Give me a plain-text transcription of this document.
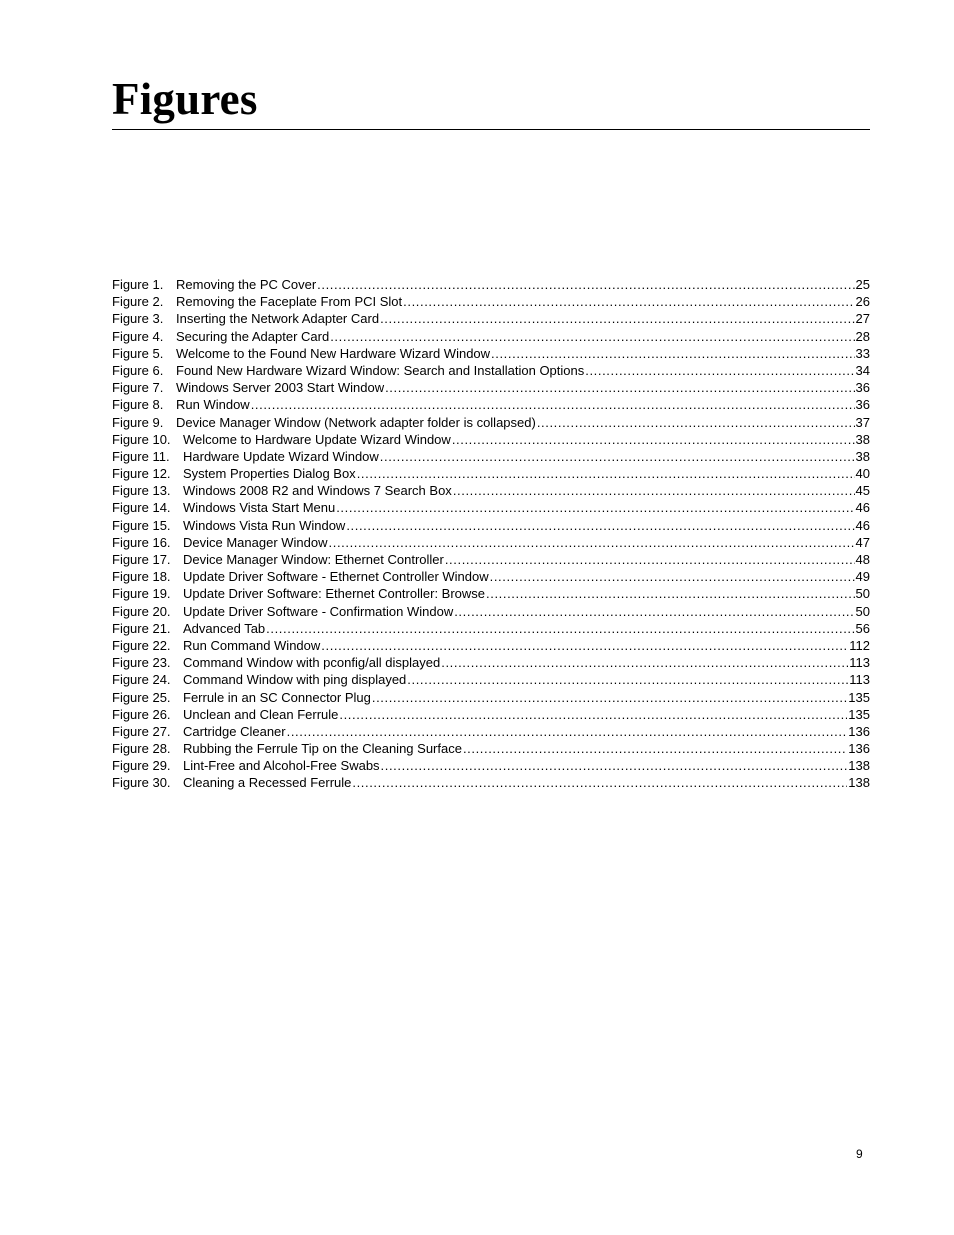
Figures
Figure 1. Removing the PC Cover .....	25
Figure 2. Removing the Faceplate From PCI Slot .....	26
Figure 3. Inserting the Network Adapter Card .....	27
Figure 4. Securing the Adapter Card .....	28
Figure 5. Welcome to the Found New Hardware Wizard Window .....	33
Figure 6. Found New Hardware Wizard Window: Search and Installation Options .....	34
Figure 7. Windows Server 2003 Start Window .....	36
Figure 8. Run Window .....	36
Figure 9. Device Manager Window (Network adapter folder is collapsed) .....	37
Figure 10. Welcome to Hardware Update Wizard Window .....	38
Figure 11. Hardware Update Wizard Window .....	38
Figure 12. System Properties Dialog Box .....	40
Figure 13. Windows 2008 R2 and Windows 7 Search Box .....	45
Figure 14. Windows Vista Start Menu .....	46
Figure 15. Windows Vista Run Window .....	46
Figure 16. Device Manager Window .....	47
Figure 17. Device Manager Window: Ethernet Controller .....	48
Figure 18. Update Driver Software - Ethernet Controller Window .....	49
Figure 19. Update Driver Software: Ethernet Controller: Browse .....	50
Figure 20. Update Driver Software - Confirmation Window .....	50
Figure 21. Advanced Tab .....	56
Figure 22. Run Command Window .....	112
Figure 23. Command Window with pconfig/all displayed .....	113
Figure 24. Command Window with ping displayed .....	113
Figure 25. Ferrule in an SC Connector Plug .....	135
Figure 26. Unclean and Clean Ferrule .....	135
Figure 27. Cartridge Cleaner .....	136
Figure 28. Rubbing the Ferrule Tip on the Cleaning Surface .....	136
Figure 29. Lint-Free and Alcohol-Free Swabs .....	138
Figure 30. Cleaning a Recessed Ferrule .....	138
9
